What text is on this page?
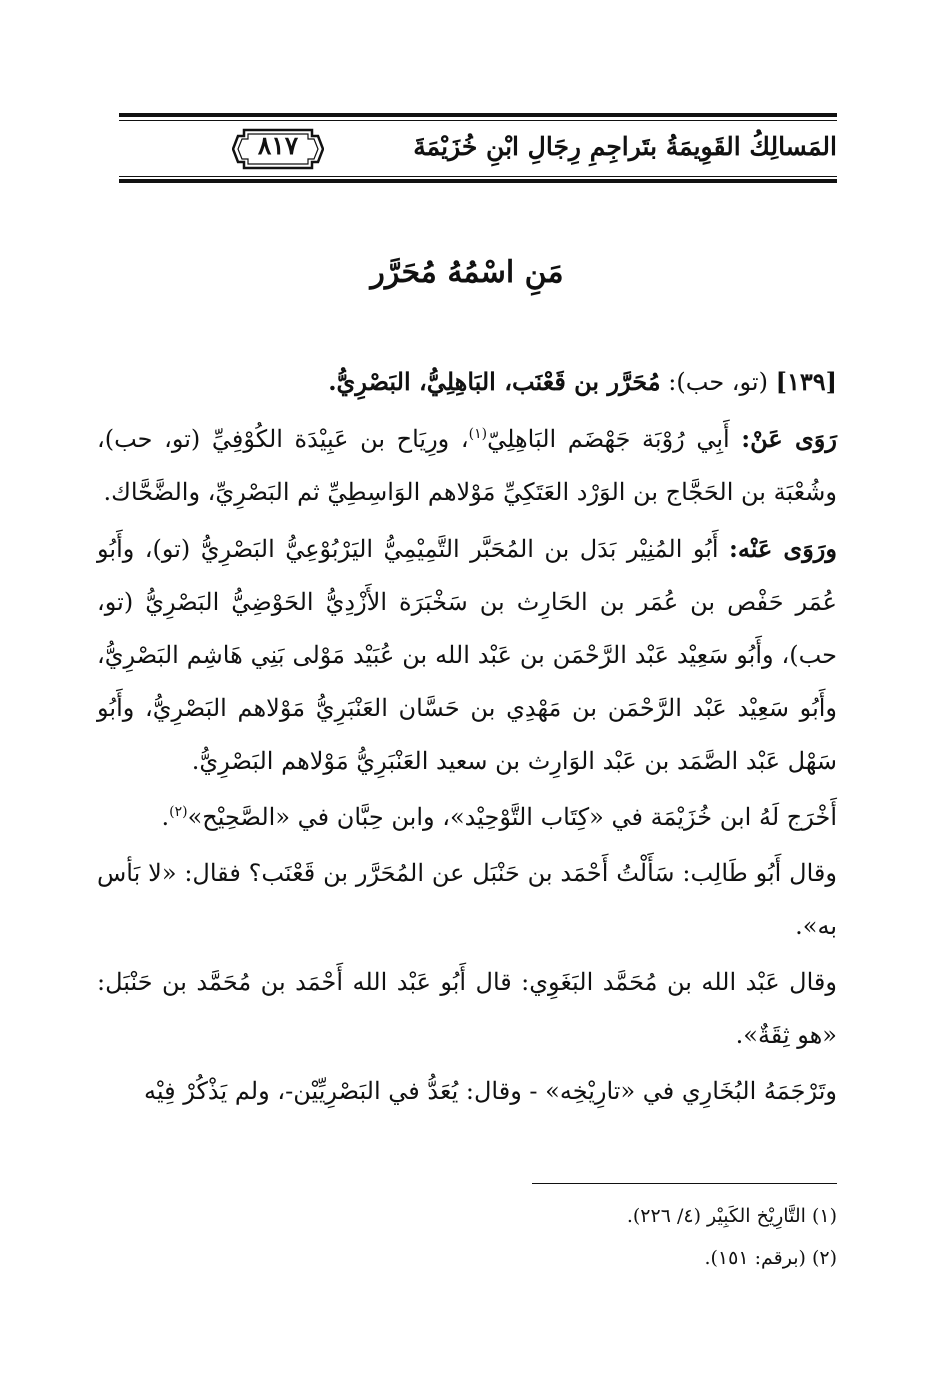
المَسالِكُ القَوِيمَةُ بتَراجِمِ رِجَالِ ابْنِ خُزَيْمَةَ
٨١٧
مَنِ اسْمُهُ مُحَرَّر

[١٣٩] (تو، حب): مُحَرَّر بن قَعْنَب، البَاهِلِيُّ، البَصْرِيُّ.

رَوَى عَنْ: أَبِي رُوْبَة جَهْضَم البَاهِلِيّ$^{(١)}$، ورِيَاح بن عَبِيْدَة الكُوْفِيِّ (تو، حب)، وشُعْبَة بن الحَجَّاج بن الوَرْد العَتَكِيِّ مَوْلاهم الوَاسِطِيِّ ثم البَصْرِيِّ، والضَّحَّاك.

ورَوَى عَنْه: أَبُو المُنِيْر بَدَل بن المُحَبَّر التَّمِيْمِيُّ اليَرْبُوْعِيُّ البَصْرِيُّ (تو)، وأَبُو عُمَر حَفْص بن عُمَر بن الحَارِث بن سَخْبَرَة الأَزْدِيُّ الحَوْضِيُّ البَصْرِيُّ (تو، حب)، وأَبُو سَعِيْد عَبْد الرَّحْمَن بن عَبْد الله بن عُبَيْد مَوْلى بَنِي هَاشِم البَصْرِيُّ، وأَبُو سَعِيْد عَبْد الرَّحْمَن بن مَهْدِي بن حَسَّان العَنْبَرِيُّ مَوْلاهم البَصْرِيُّ، وأَبُو سَهْل عَبْد الصَّمَد بن عَبْد الوَارِث بن سعيد العَنْبَرِيُّ مَوْلاهم البَصْرِيُّ.

أَخْرَج لَهُ ابن خُزَيْمَة في «كِتَاب التَّوْحِيْد»، وابن حِبَّان في «الصَّحِيْح»$^{(٢)}$.

وقال أَبُو طَالِب: سَأَلْتُ أَحْمَد بن حَنْبَل عن المُحَرَّر بن قَعْنَب؟ فقال: «لا بَأس به».

وقال عَبْد الله بن مُحَمَّد البَغَوِي: قال أَبُو عَبْد الله أَحْمَد بن مُحَمَّد بن حَنْبَل: «هو ثِقَةٌ».

وتَرْجَمَهُ البُخَارِي في «تارِيْخِه» - وقال: يُعَدُّ في البَصْرِيِّيْن-، ولم يَذْكُرْ فِيْه

(١) التَّارِيْخ الكَبِيْر (٤/ ٢٢٦).
(٢) (برقم: ١٥١).
